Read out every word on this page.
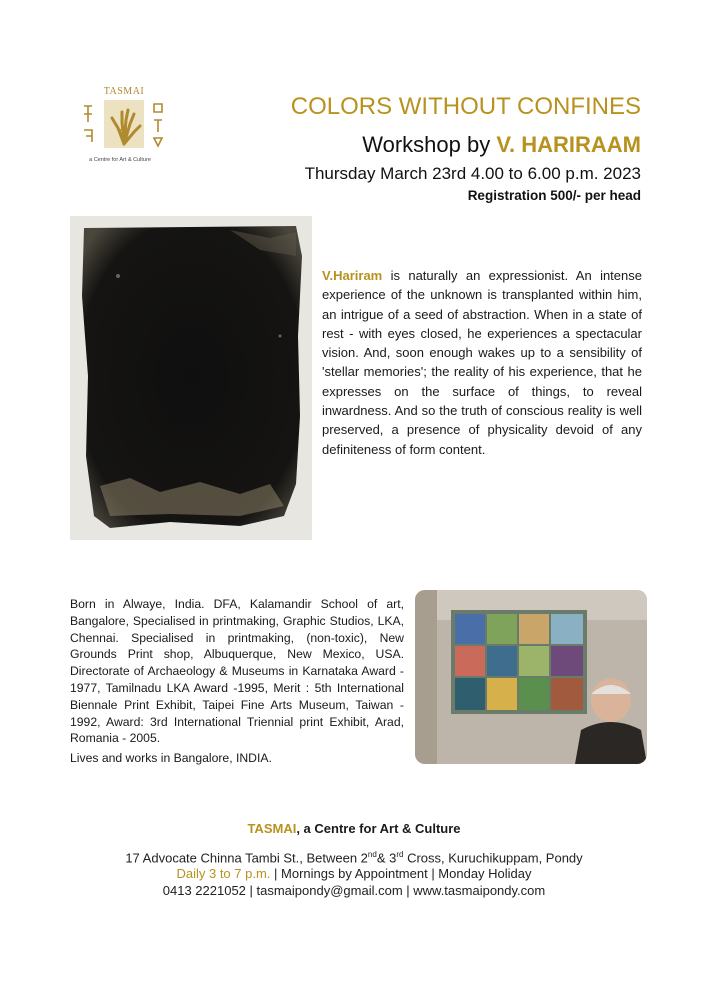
TASMAI
a Centre for Art & Culture
COLORS WITHOUT CONFINES
Workshop by V. HARIRAAM
Thursday March 23rd 4.00 to 6.00 p.m. 2023
Registration 500/- per head
V.Hariram is naturally an expressionist. An intense experience of the unknown is transplanted within him, an intrigue of a seed of abstraction. When in a state of rest - with eyes closed, he experiences a spectacular vision. And, soon enough wakes up to a sensibility of 'stellar memories'; the reality of his experience, that he expresses on the surface of things, to reveal inwardness. And so the truth of conscious reality is well preserved, a presence of physicality devoid of any definiteness of form content.
Born in Alwaye, India. DFA, Kalamandir School of art, Bangalore, Specialised in printmaking, Graphic Studios, LKA, Chennai. Specialised in printmaking, (non-toxic), New Grounds Print shop, Albuquerque, New Mexico, USA. Directorate of Archaeology & Museums in Karnataka Award - 1977, Tamilnadu LKA Award -1995, Merit : 5th International Biennale Print Exhibit, Taipei Fine Arts Museum, Taiwan - 1992, Award: 3rd International Triennial print Exhibit, Arad, Romania - 2005.
Lives and works in Bangalore, INDIA.
TASMAI, a Centre for Art & Culture
17 Advocate Chinna Tambi St., Between 2nd& 3rd Cross, Kuruchikuppam, Pondy
Daily 3 to 7 p.m. | Mornings by Appointment | Monday Holiday
0413 2221052 | tasmaipondy@gmail.com | www.tasmaipondy.com
